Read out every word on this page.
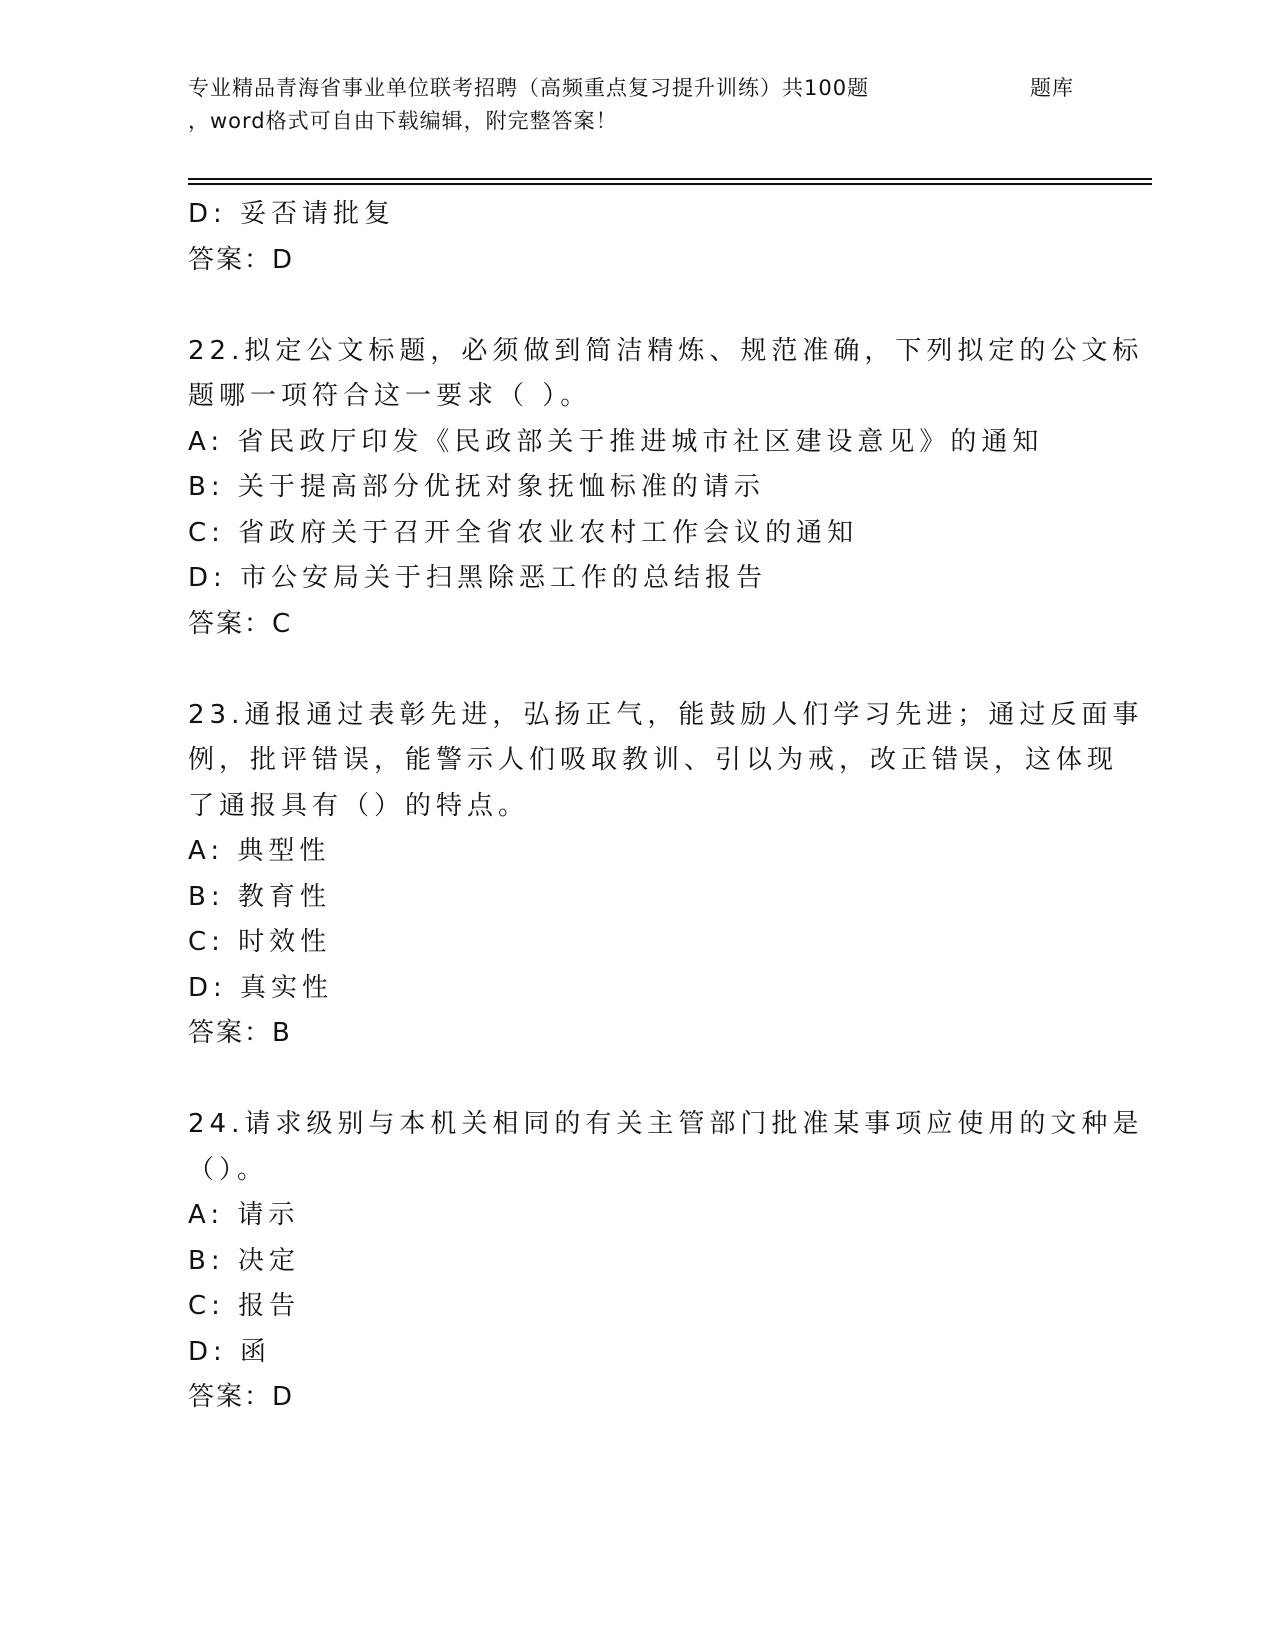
专业精品青海省事业单位联考招聘（高频重点复习提升训练）共100题	题库
，word格式可自由下载编辑，附完整答案！
D: 妥否请批复
答案：D
22.拟定公文标题，必须做到简洁精炼、规范准确，下列拟定的公文标
题哪一项符合这一要求（ ）。
A: 省民政厅印发《民政部关于推进城市社区建设意见》的通知
B: 关于提高部分优抚对象抚恤标准的请示
C: 省政府关于召开全省农业农村工作会议的通知
D: 市公安局关于扫黑除恶工作的总结报告
答案：C
23.通报通过表彰先进，弘扬正气，能鼓励人们学习先进；通过反面事
例，批评错误，能警示人们吸取教训、引以为戒，改正错误，这体现
了通报具有（）的特点。
A: 典型性
B: 教育性
C: 时效性
D: 真实性
答案：B
24.请求级别与本机关相同的有关主管部门批准某事项应使用的文种是
（）。
A: 请示
B: 决定
C: 报告
D: 函
答案：D
